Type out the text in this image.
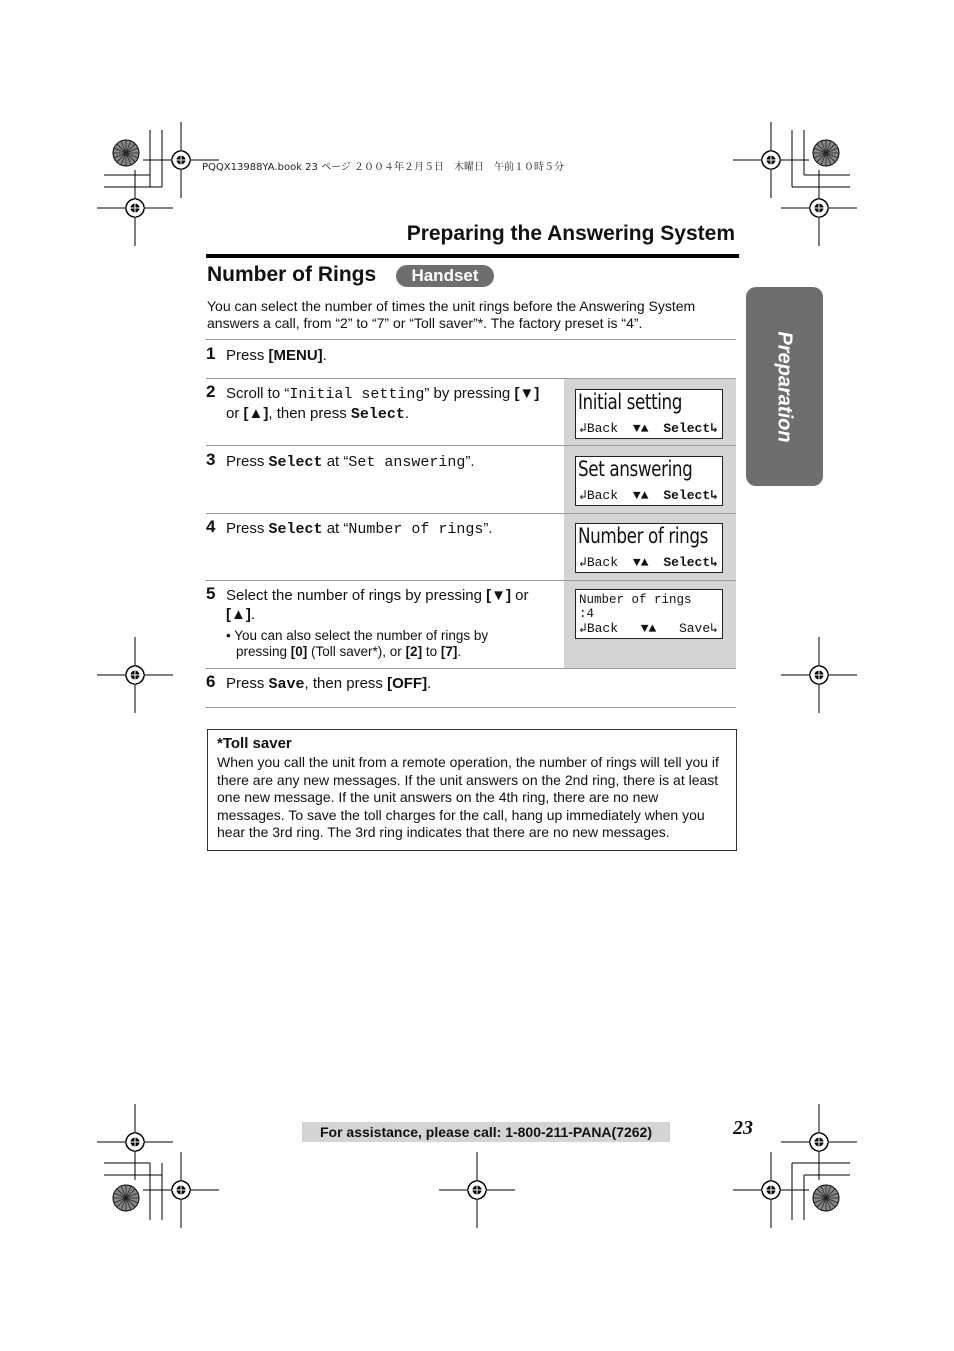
PQQX13988YA.book 23 ページ ２００４年２月５日　木曜日　午前１０時５分
Preparing the Answering System
Number of Rings	Handset
You can select the number of times the unit rings before the Answering System answers a call, from “2” to “7” or “Toll saver”*. The factory preset is “4”.
1 Press [MENU].
2 Scroll to “Initial setting” by pressing [▼]
or [▲], then press Select.
3 Press Select at “Set answering”.
4 Press Select at “Number of rings”.
5 Select the number of rings by pressing [▼] or
[▲].
• You can also select the number of rings by
pressing [0] (Toll saver*), or [2] to [7].
6 Press Save, then press [OFF].
Initial setting
↲Back ▼▲ Select↳
Set answering
↲Back ▼▲ Select↳
Number of rings
↲Back ▼▲ Select↳
Number of rings
:4
↲Back ▼▲ Save↳
*Toll saver
When you call the unit from a remote operation, the number of rings will tell you if there are any new messages. If the unit answers on the 2nd ring, there is at least one new message. If the unit answers on the 4th ring, there are no new messages. To save the toll charges for the call, hang up immediately when you hear the 3rd ring. The 3rd ring indicates that there are no new messages.
Preparation
For assistance, please call: 1-800-211-PANA(7262)	23
